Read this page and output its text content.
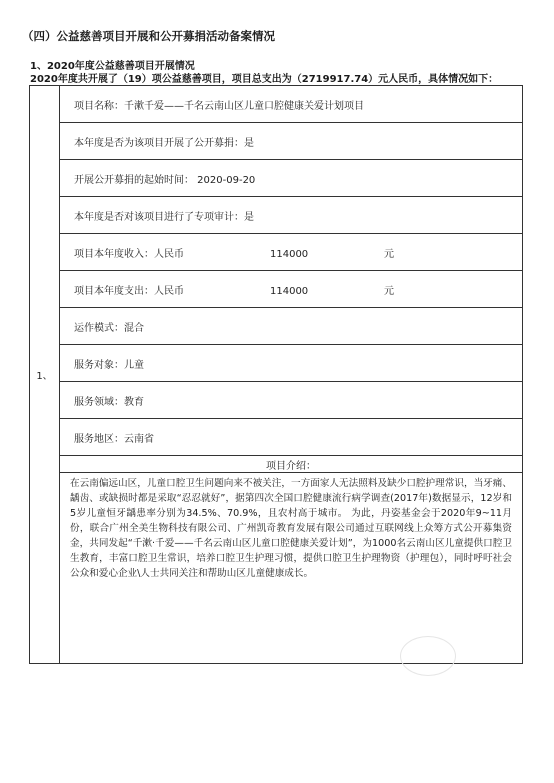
（四）公益慈善项目开展和公开募捐活动备案情况
1、2020年度公益慈善项目开展情况
2020年度共开展了（19）项公益慈善项目，项目总支出为（2719917.74）元人民币，具体情况如下：
1、	项目名称：千漱千爱——千名云南山区儿童口腔健康关爱计划项目
本年度是否为该项目开展了公开募捐：是
开展公开募捐的起始时间： 2020-09-20
本年度是否对该项目进行了专项审计：是
项目本年度收入：人民币	114000	元
项目本年度支出：人民币	114000	元
运作模式：混合
服务对象：儿童
服务领域：教育
服务地区：云南省
项目介绍：
在云南偏远山区，儿童口腔卫生问题向来不被关注，一方面家人无法照料及缺少口腔护理常识，当牙痛、龋齿、或缺损时都是采取“忍忍就好”，据第四次全国口腔健康流行病学调查(2017年)数据显示，12岁和5岁儿童恒牙龋患率分别为34.5%、70.9%，且农村高于城市。 为此，丹姿基金会于2020年9~11月份，联合广州全美生物科技有限公司、广州凯奇教育发展有限公司通过互联网线上众筹方式公开募集资金，共同发起“千漱·千爱——千名云南山区儿童口腔健康关爱计划”，为1000名云南山区儿童提供口腔卫生教育，丰富口腔卫生常识，培养口腔卫生护理习惯，提供口腔卫生护理物资（护理包），同时呼吁社会公众和爱心企业\人士共同关注和帮助山区儿童健康成长。
